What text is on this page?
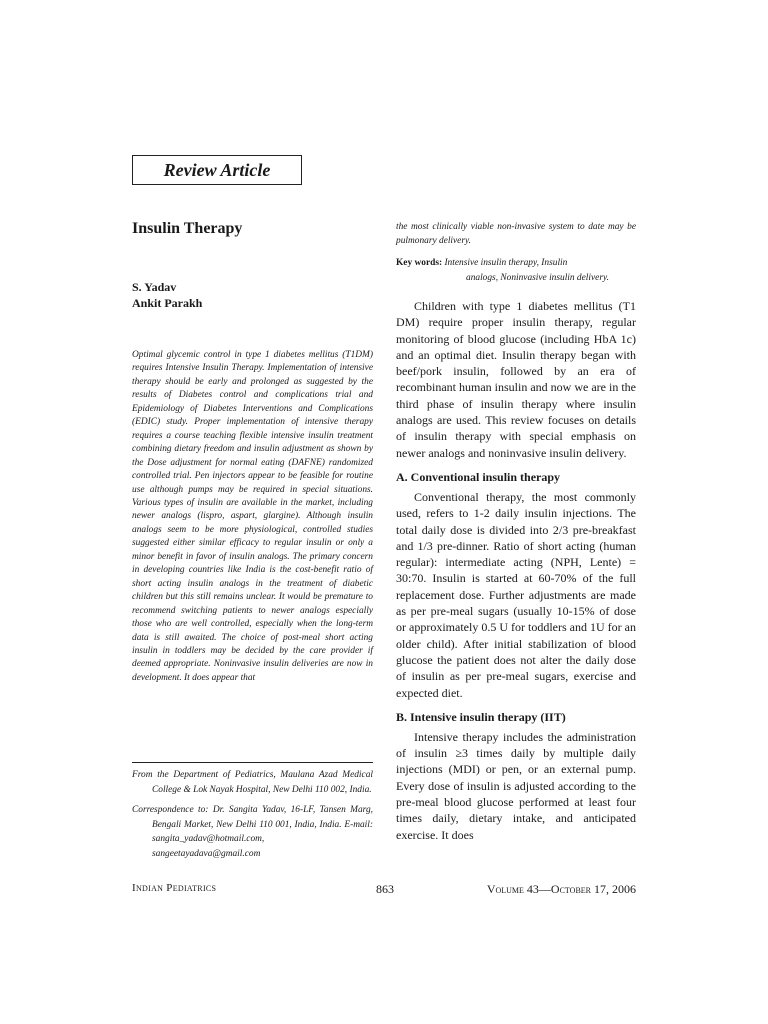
Review Article
Insulin Therapy
S. Yadav
Ankit Parakh
Optimal glycemic control in type 1 diabetes mellitus (T1DM) requires Intensive Insulin Therapy. Implementation of intensive therapy should be early and prolonged as suggested by the results of Diabetes control and complications trial and Epidemiology of Diabetes Interventions and Complications (EDIC) study. Proper implementation of intensive therapy requires a course teaching flexible intensive insulin treatment combining dietary freedom and insulin adjustment as shown by the Dose adjustment for normal eating (DAFNE) randomized controlled trial. Pen injectors appear to be feasible for routine use although pumps may be required in special situations. Various types of insulin are available in the market, including newer analogs (lispro, aspart, glargine). Although insulin analogs seem to be more physiological, controlled studies suggested either similar efficacy to regular insulin or only a minor benefit in favor of insulin analogs. The primary concern in developing countries like India is the cost-benefit ratio of short acting insulin analogs in the treatment of diabetic children but this still remains unclear. It would be premature to recommend switching patients to newer analogs especially those who are well controlled, especially when the long-term data is still awaited. The choice of post-meal short acting insulin in toddlers may be decided by the care provider if deemed appropriate. Noninvasive insulin deliveries are now in development. It does appear that
the most clinically viable non-invasive system to date may be pulmonary delivery.
Key words: Intensive insulin therapy, Insulin
analogs, Noninvasive insulin delivery.

From the Department of Pediatrics, Maulana Azad Medical College & Lok Nayak Hospital, New Delhi 110 002, India.

Correspondence to: Dr. Sangita Yadav, 16-LF, Tansen Marg, Bengali Market, New Delhi 110 001, India, India. E-mail: sangita_yadav@hotmail.com, sangeetayadava@gmail.com

Children with type 1 diabetes mellitus (T1 DM) require proper insulin therapy, regular monitoring of blood glucose (including HbA 1c) and an optimal diet. Insulin therapy began with beef/pork insulin, followed by an era of recombinant human insulin and now we are in the third phase of insulin therapy where insulin analogs are used. This review focuses on details of insulin therapy with special emphasis on newer analogs and noninvasive insulin delivery.

A. Conventional insulin therapy

Conventional therapy, the most commonly used, refers to 1-2 daily insulin injections. The total daily dose is divided into 2/3 pre-breakfast and 1/3 pre-dinner. Ratio of short acting (human regular): intermediate acting (NPH, Lente) = 30:70. Insulin is started at 60-70% of the full replacement dose. Further adjustments are made as per pre-meal sugars (usually 10-15% of dose or approximately 0.5 U for toddlers and 1U for an older child). After initial stabilization of blood glucose the patient does not alter the daily dose of insulin as per pre-meal sugars, exercise and expected diet.

B. Intensive insulin therapy (IIT)

Intensive therapy includes the administration of insulin ≥3 times daily by multiple daily injections (MDI) or pen, or an external pump. Every dose of insulin is adjusted according to the pre-meal blood glucose performed at least four times daily, dietary intake, and anticipated exercise. It does

Indian Pediatrics	863	Volume 43—October 17, 2006
